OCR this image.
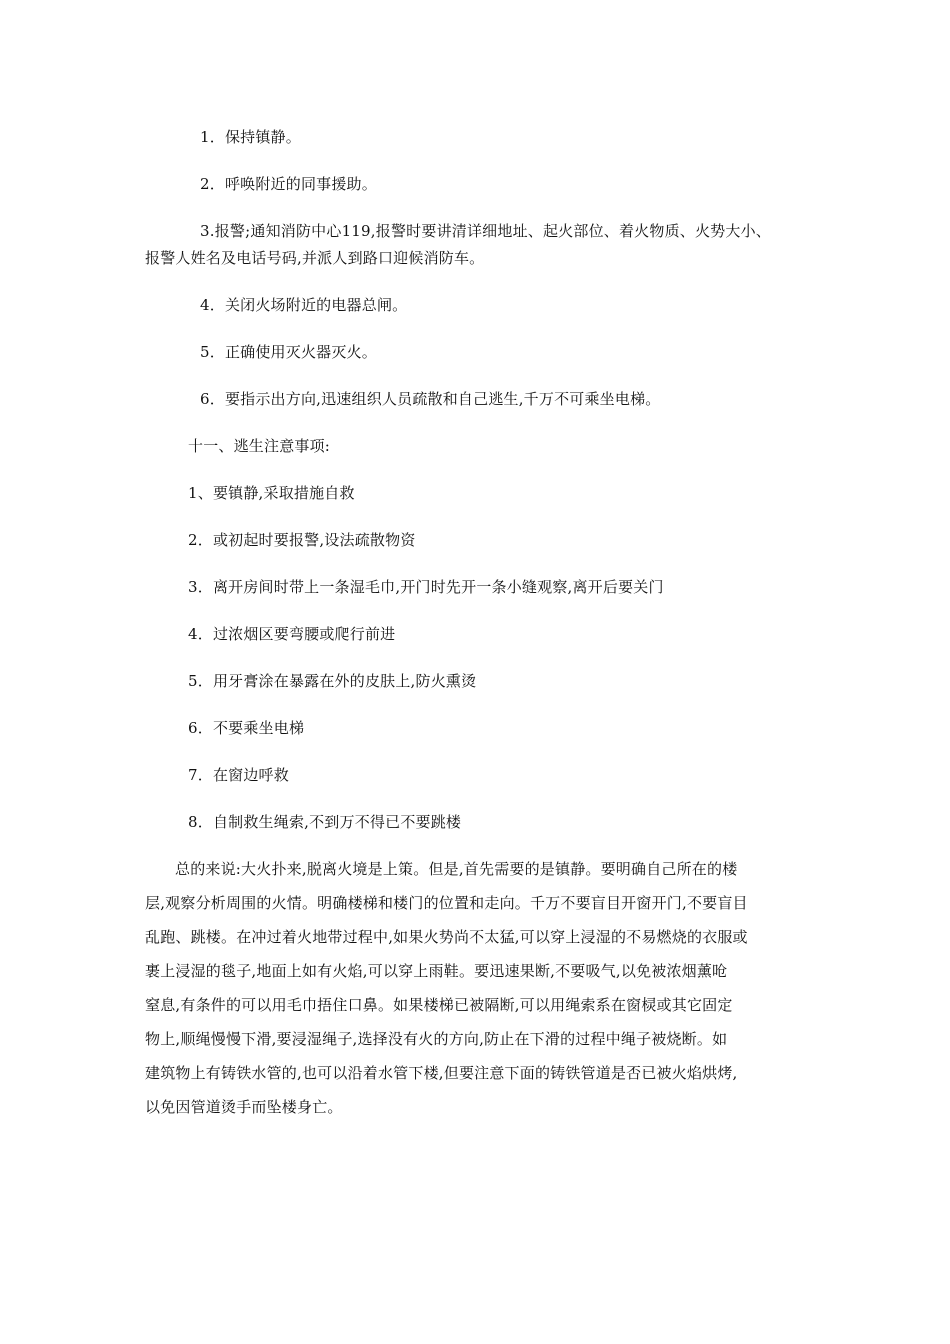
1．保持镇静。
2．呼唤附近的同事援助。
3.报警;通知消防中心119,报警时要讲清详细地址、起火部位、着火物质、火势大小、
报警人姓名及电话号码,并派人到路口迎候消防车。
4．关闭火场附近的电器总闸。
5．正确使用灭火器灭火。
6．要指示出方向,迅速组织人员疏散和自己逃生,千万不可乘坐电梯。
十一、逃生注意事项:
1、要镇静,采取措施自救
2．或初起时要报警,设法疏散物资
3．离开房间时带上一条湿毛巾,开门时先开一条小缝观察,离开后要关门
4．过浓烟区要弯腰或爬行前进
5．用牙膏涂在暴露在外的皮肤上,防火熏烫
6．不要乘坐电梯
7．在窗边呼救
8．自制救生绳索,不到万不得已不要跳楼
总的来说:大火扑来,脱离火境是上策。但是,首先需要的是镇静。要明确自己所在的楼
层,观察分析周围的火情。明确楼梯和楼门的位置和走向。千万不要盲目开窗开门,不要盲目
乱跑、跳楼。在冲过着火地带过程中,如果火势尚不太猛,可以穿上浸湿的不易燃烧的衣服或
裹上浸湿的毯子,地面上如有火焰,可以穿上雨鞋。要迅速果断,不要吸气,以免被浓烟薰呛
窒息,有条件的可以用毛巾捂住口鼻。如果楼梯已被隔断,可以用绳索系在窗棂或其它固定
物上,顺绳慢慢下滑,要浸湿绳子,选择没有火的方向,防止在下滑的过程中绳子被烧断。如
建筑物上有铸铁水管的,也可以沿着水管下楼,但要注意下面的铸铁管道是否已被火焰烘烤,
以免因管道烫手而坠楼身亡。
